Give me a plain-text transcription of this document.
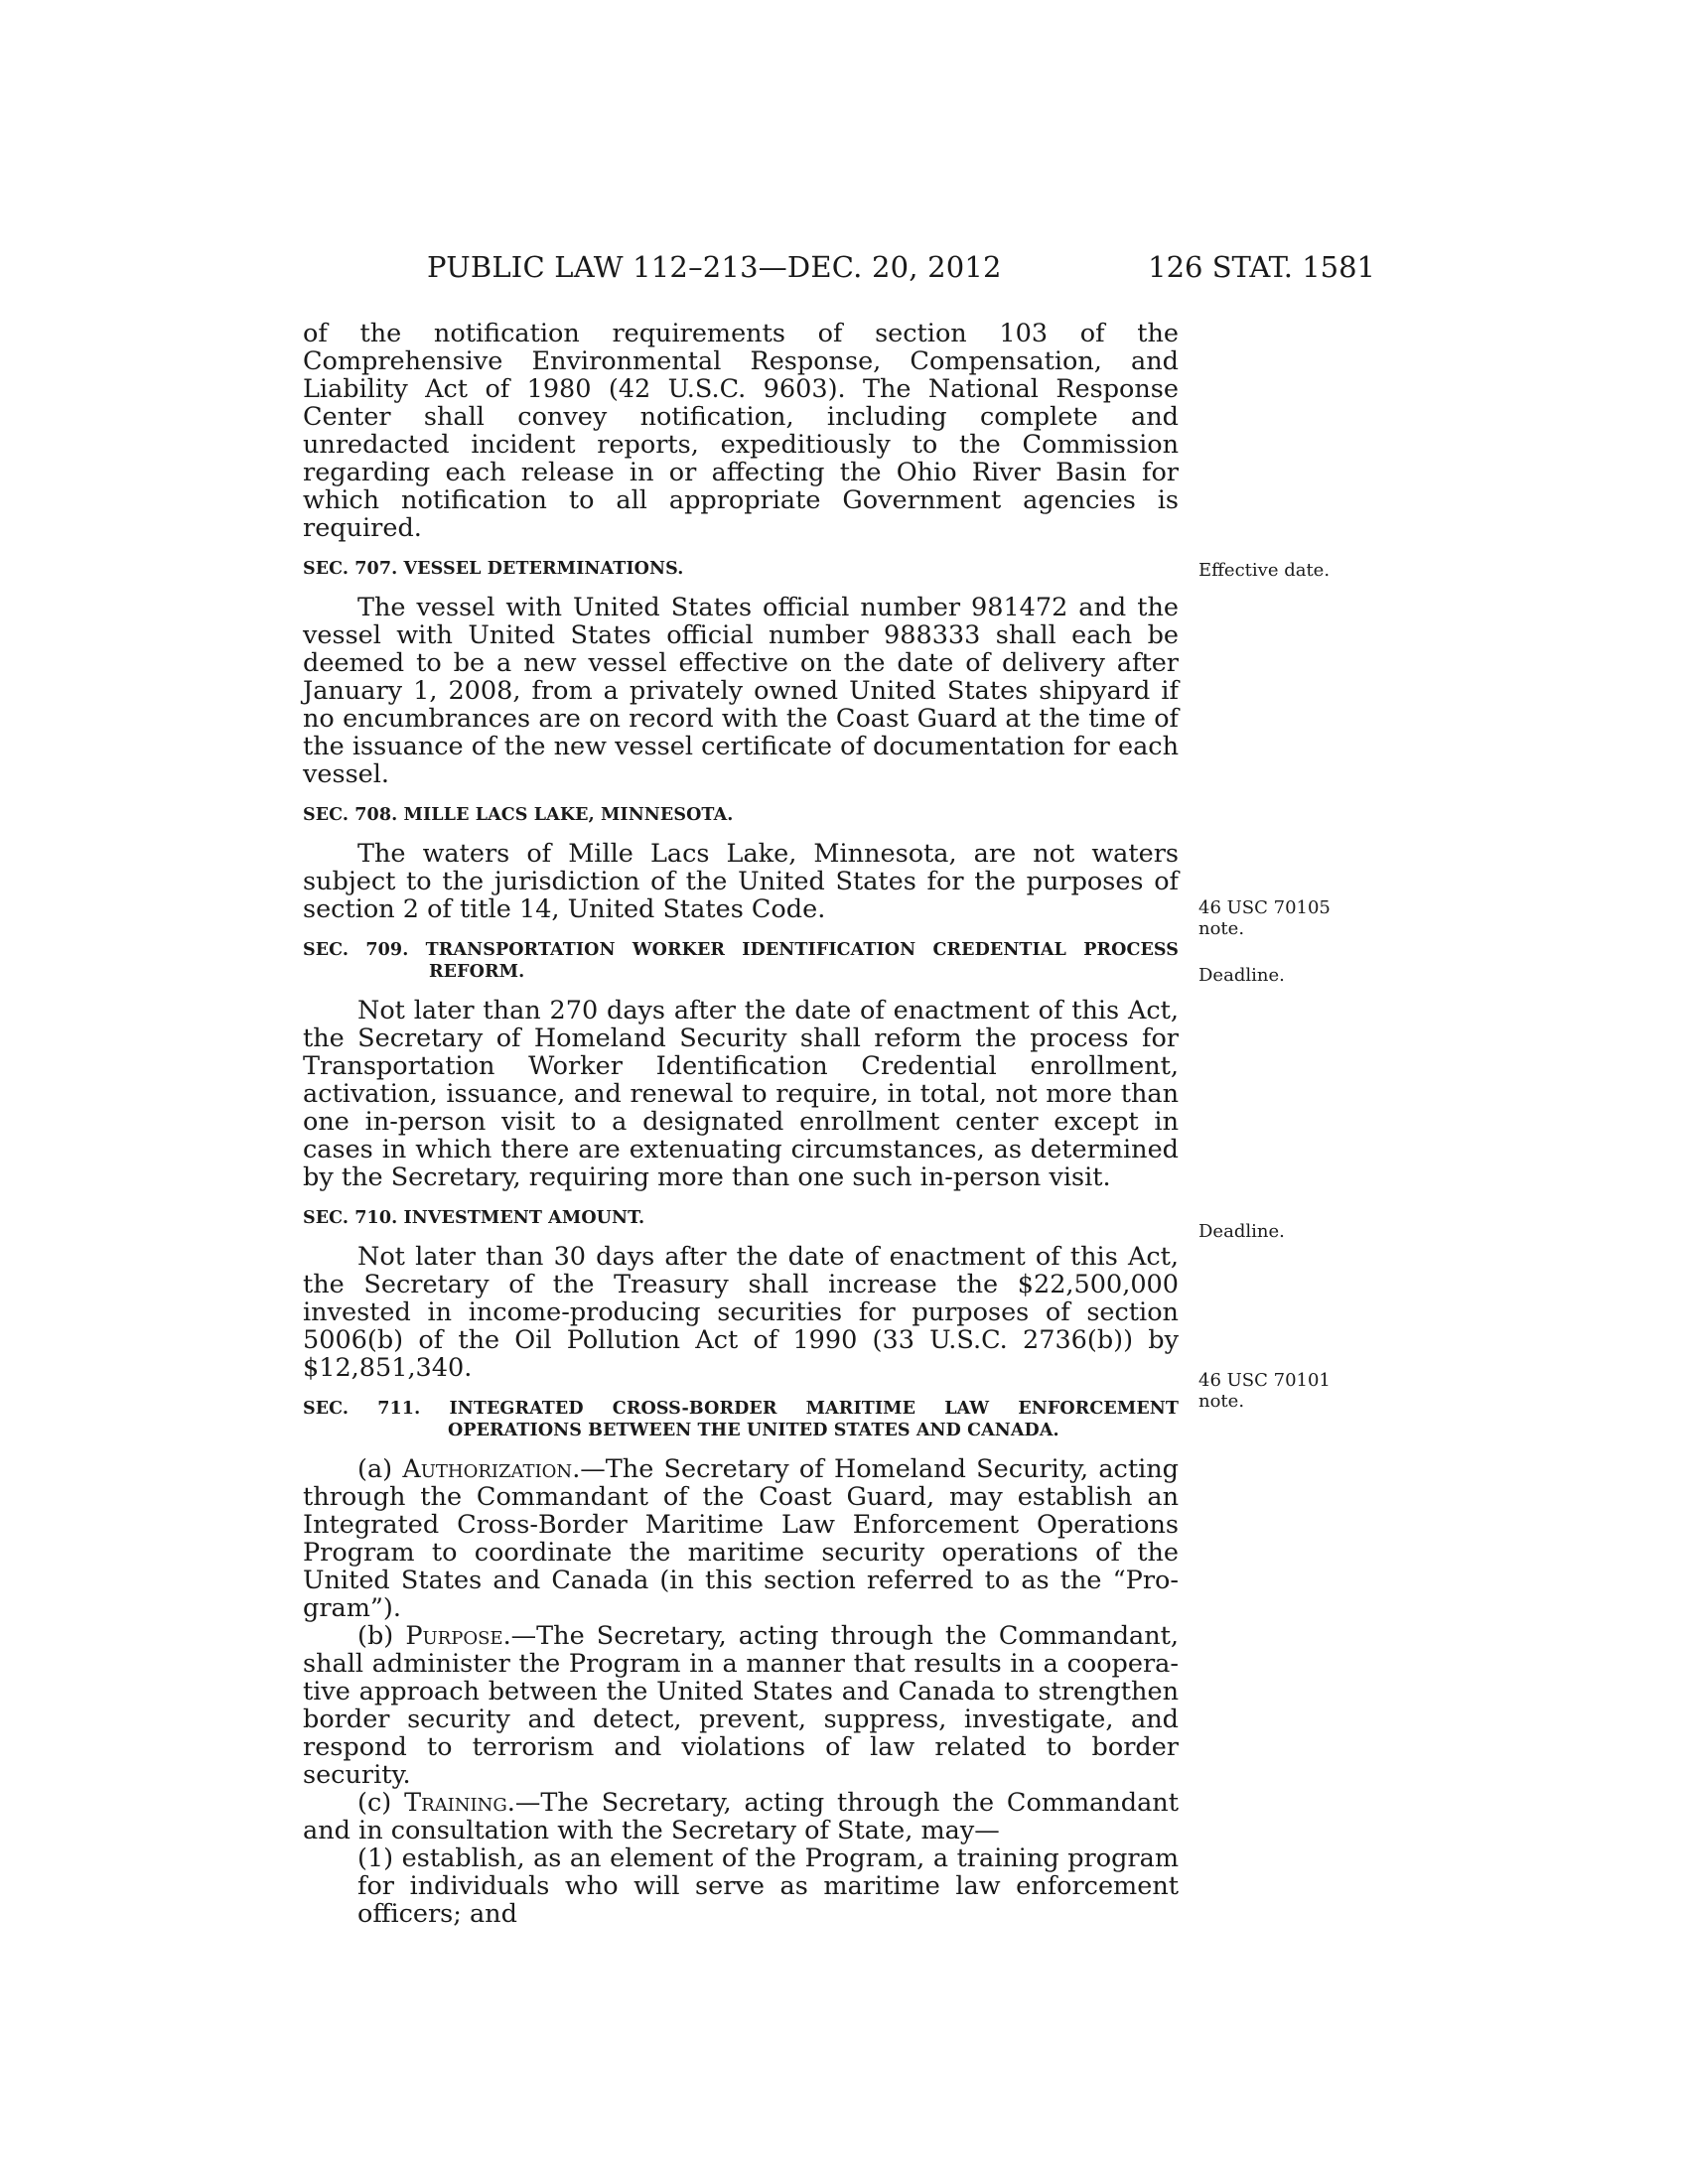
PUBLIC LAW 112–213—DEC. 20, 2012	126 STAT. 1581

of the notification requirements of section 103 of the Comprehensive Environmental Response, Compensation, and Liability Act of 1980 (42 U.S.C. 9603). The National Response Center shall convey notification, including complete and unredacted incident reports, expeditiously to the Commission regarding each release in or affecting the Ohio River Basin for which notification to all appropriate Government agencies is required.

SEC. 707. VESSEL DETERMINATIONS.

The vessel with United States official number 981472 and the vessel with United States official number 988333 shall each be deemed to be a new vessel effective on the date of delivery after January 1, 2008, from a privately owned United States shipyard if no encumbrances are on record with the Coast Guard at the time of the issuance of the new vessel certificate of documentation for each vessel.

SEC. 708. MILLE LACS LAKE, MINNESOTA.

The waters of Mille Lacs Lake, Minnesota, are not waters subject to the jurisdiction of the United States for the purposes of section 2 of title 14, United States Code.

SEC. 709. TRANSPORTATION WORKER IDENTIFICATION CREDENTIAL PROCESS REFORM.

Not later than 270 days after the date of enactment of this Act, the Secretary of Homeland Security shall reform the process for Transportation Worker Identification Credential enrollment, activation, issuance, and renewal to require, in total, not more than one in-person visit to a designated enrollment center except in cases in which there are extenuating circumstances, as determined by the Secretary, requiring more than one such in-person visit.

SEC. 710. INVESTMENT AMOUNT.

Not later than 30 days after the date of enactment of this Act, the Secretary of the Treasury shall increase the $22,500,000 invested in income-producing securities for purposes of section 5006(b) of the Oil Pollution Act of 1990 (33 U.S.C. 2736(b)) by $12,851,340.

SEC. 711. INTEGRATED CROSS-BORDER MARITIME LAW ENFORCEMENT OPERATIONS BETWEEN THE UNITED STATES AND CANADA.

(a) Authorization.—The Secretary of Homeland Security, acting through the Commandant of the Coast Guard, may establish an Integrated Cross-Border Maritime Law Enforcement Operations Program to coordinate the maritime security operations of the United States and Canada (in this section referred to as the “Program”).

(b) Purpose.—The Secretary, acting through the Commandant, shall administer the Program in a manner that results in a cooperative approach between the United States and Canada to strengthen border security and detect, prevent, suppress, investigate, and respond to terrorism and violations of law related to border security.

(c) Training.—The Secretary, acting through the Commandant and in consultation with the Secretary of State, may—

(1) establish, as an element of the Program, a training program for individuals who will serve as maritime law enforcement officers; and

Effective date.
46 USC 70105 note.
Deadline.
Deadline.
46 USC 70101 note.
